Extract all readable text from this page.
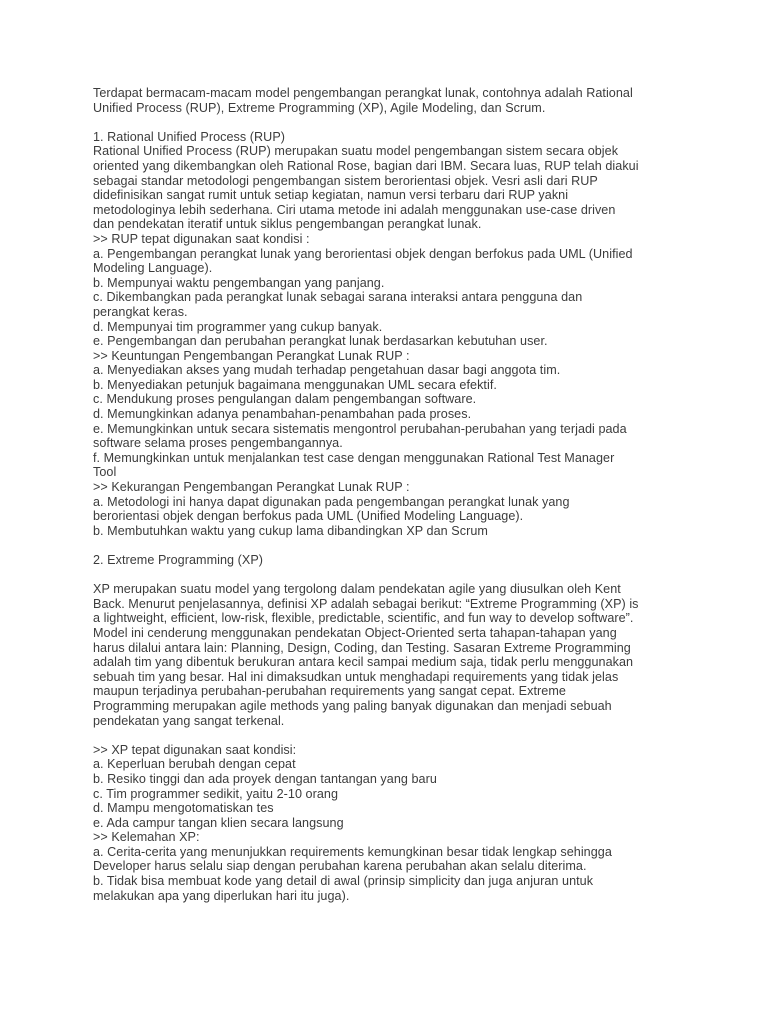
Terdapat bermacam-macam model pengembangan perangkat lunak, contohnya adalah Rational
Unified Process (RUP), Extreme Programming (XP), Agile Modeling, dan Scrum.
1. Rational Unified Process (RUP)
Rational Unified Process (RUP) merupakan suatu model pengembangan sistem secara objek
oriented yang dikembangkan oleh Rational Rose, bagian dari IBM. Secara luas, RUP telah diakui
sebagai standar metodologi pengembangan sistem berorientasi objek. Vesri asli dari RUP
didefinisikan sangat rumit untuk setiap kegiatan, namun versi terbaru dari RUP yakni
metodologinya lebih sederhana. Ciri utama metode ini adalah menggunakan use-case driven
dan pendekatan iteratif untuk siklus pengembangan perangkat lunak.
>> RUP tepat digunakan saat kondisi :
a. Pengembangan perangkat lunak yang berorientasi objek dengan berfokus pada UML (Unified
Modeling Language).
b. Mempunyai waktu pengembangan yang panjang.
c. Dikembangkan pada perangkat lunak sebagai sarana interaksi antara pengguna dan
perangkat keras.
d. Mempunyai tim programmer yang cukup banyak.
e. Pengembangan dan perubahan perangkat lunak berdasarkan kebutuhan user.
>> Keuntungan Pengembangan Perangkat Lunak RUP :
a. Menyediakan akses yang mudah terhadap pengetahuan dasar bagi anggota tim.
b. Menyediakan petunjuk bagaimana menggunakan UML secara efektif.
c. Mendukung proses pengulangan dalam pengembangan software.
d. Memungkinkan adanya penambahan-penambahan pada proses.
e. Memungkinkan untuk secara sistematis mengontrol perubahan-perubahan yang terjadi pada
software selama proses pengembangannya.
f. Memungkinkan untuk menjalankan test case dengan menggunakan Rational Test Manager
Tool
>> Kekurangan Pengembangan Perangkat Lunak RUP :
a. Metodologi ini hanya dapat digunakan pada pengembangan perangkat lunak yang
berorientasi objek dengan berfokus pada UML (Unified Modeling Language).
b. Membutuhkan waktu yang cukup lama dibandingkan XP dan Scrum
2. Extreme Programming (XP)
XP merupakan suatu model yang tergolong dalam pendekatan agile yang diusulkan oleh Kent
Back. Menurut penjelasannya, definisi XP adalah sebagai berikut: “Extreme Programming (XP) is
a lightweight, efficient, low-risk, flexible, predictable, scientific, and fun way to develop software”.
Model ini cenderung menggunakan pendekatan Object-Oriented serta tahapan-tahapan yang
harus dilalui antara lain: Planning, Design, Coding, dan Testing. Sasaran Extreme Programming
adalah tim yang dibentuk berukuran antara kecil sampai medium saja, tidak perlu menggunakan
sebuah tim yang besar. Hal ini dimaksudkan untuk menghadapi requirements yang tidak jelas
maupun terjadinya perubahan-perubahan requirements yang sangat cepat. Extreme
Programming merupakan agile methods yang paling banyak digunakan dan menjadi sebuah
pendekatan yang sangat terkenal.
>> XP tepat digunakan saat kondisi:
a. Keperluan berubah dengan cepat
b. Resiko tinggi dan ada proyek dengan tantangan yang baru
c. Tim programmer sedikit, yaitu 2-10 orang
d. Mampu mengotomatiskan tes
e. Ada campur tangan klien secara langsung
>> Kelemahan XP:
a. Cerita-cerita yang menunjukkan requirements kemungkinan besar tidak lengkap sehingga
Developer harus selalu siap dengan perubahan karena perubahan akan selalu diterima.
b. Tidak bisa membuat kode yang detail di awal (prinsip simplicity dan juga anjuran untuk
melakukan apa yang diperlukan hari itu juga).
